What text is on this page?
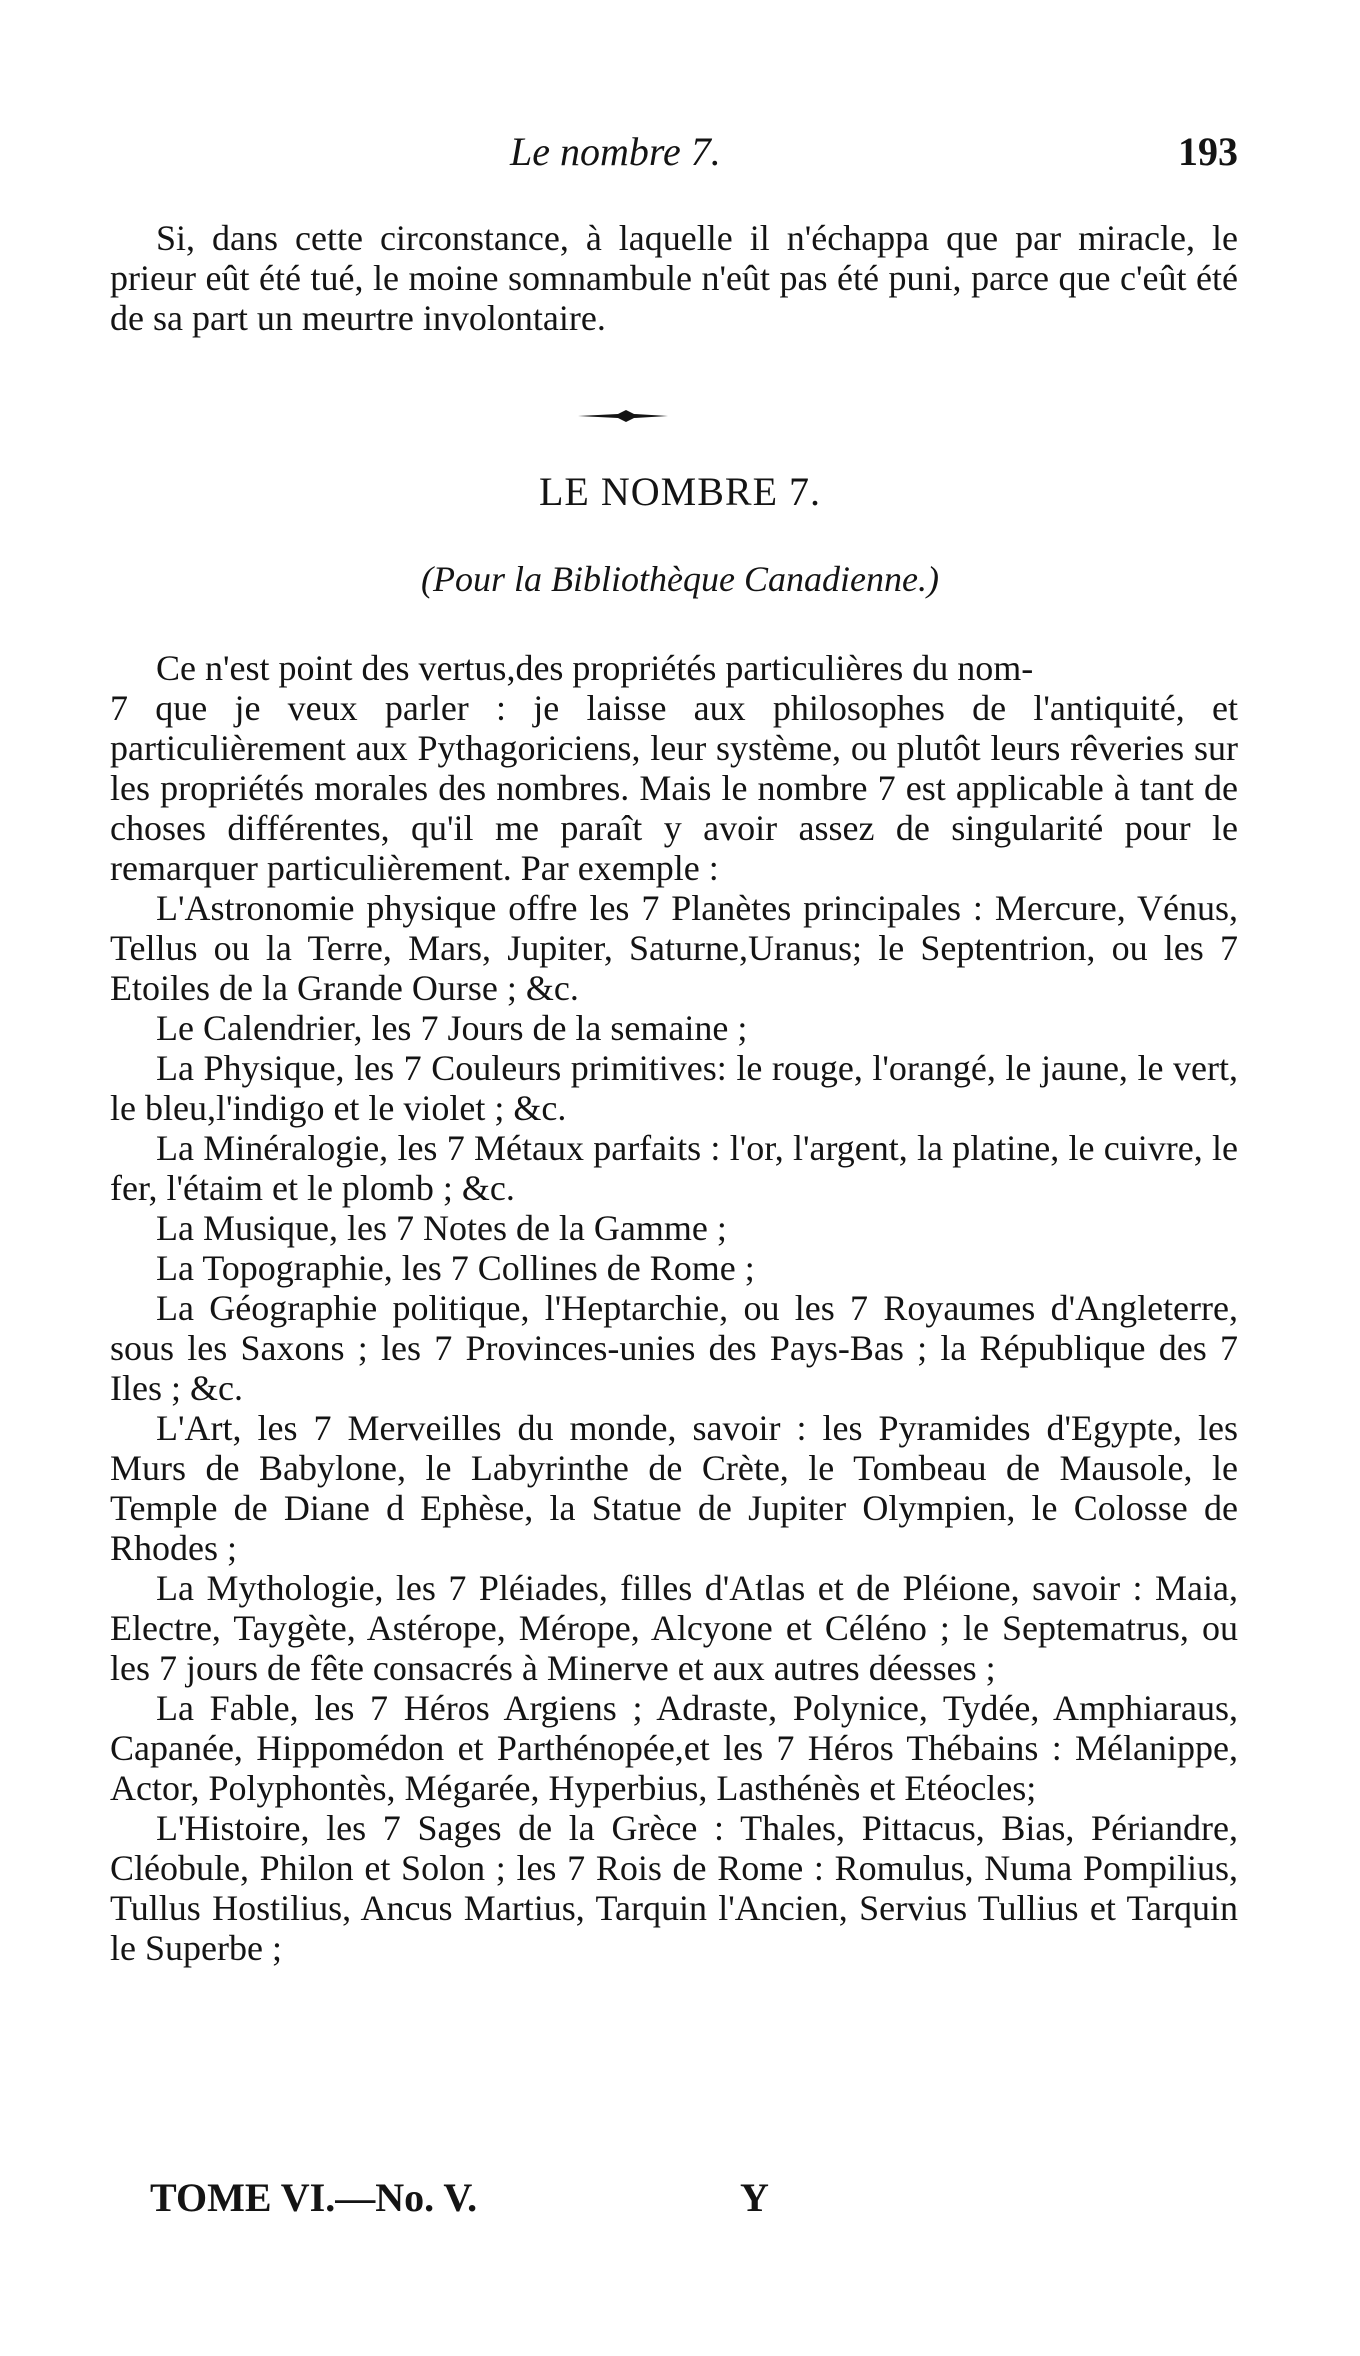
Le nombre 7.	193

Si, dans cette circonstance, à laquelle il n'échappa que par miracle, le prieur eût été tué, le moine somnambule n'eût pas été puni, parce que c'eût été de sa part un meurtre involontaire.

LE NOMBRE 7.
(Pour la Bibliothèque Canadienne.)

Ce n'est point des vertus,des propriétés particulières du nom-

7 que je veux parler : je laisse aux philosophes de l'antiquité, et particulièrement aux Pythagoriciens, leur système, ou plutôt leurs rêveries sur les propriétés morales des nombres. Mais le nombre 7 est applicable à tant de choses différentes, qu'il me paraît y avoir assez de singularité pour le remarquer particulièrement. Par exemple :

L'Astronomie physique offre les 7 Planètes principales : Mercure, Vénus, Tellus ou la Terre, Mars, Jupiter, Saturne,Uranus; le Septentrion, ou les 7 Etoiles de la Grande Ourse ; &c.

Le Calendrier, les 7 Jours de la semaine ;

La Physique, les 7 Couleurs primitives: le rouge, l'orangé, le jaune, le vert, le bleu,l'indigo et le violet ; &c.

La Minéralogie, les 7 Métaux parfaits : l'or, l'argent, la platine, le cuivre, le fer, l'étaim et le plomb ; &c.

La Musique, les 7 Notes de la Gamme ;

La Topographie, les 7 Collines de Rome ;

La Géographie politique, l'Heptarchie, ou les 7 Royaumes d'Angleterre, sous les Saxons ; les 7 Provinces-unies des Pays-Bas ; la République des 7 Iles ; &c.

L'Art, les 7 Merveilles du monde, savoir : les Pyramides d'Egypte, les Murs de Babylone, le Labyrinthe de Crète, le Tombeau de Mausole, le Temple de Diane d Ephèse, la Statue de Jupiter Olympien, le Colosse de Rhodes ;

La Mythologie, les 7 Pléiades, filles d'Atlas et de Pléione, savoir : Maia, Electre, Taygète, Astérope, Mérope, Alcyone et Céléno ; le Septematrus, ou les 7 jours de fête consacrés à Minerve et aux autres déesses ;

La Fable, les 7 Héros Argiens ; Adraste, Polynice, Tydée, Amphiaraus, Capanée, Hippomédon et Parthénopée,et les 7 Héros Thébains : Mélanippe, Actor, Polyphontès, Mégarée, Hyperbius, Lasthénès et Etéocles;

L'Histoire, les 7 Sages de la Grèce : Thales, Pittacus, Bias, Périandre, Cléobule, Philon et Solon ; les 7 Rois de Rome : Romulus, Numa Pompilius, Tullus Hostilius, Ancus Martius, Tarquin l'Ancien, Servius Tullius et Tarquin le Superbe ;

TOME VI.—No. V.	Y
